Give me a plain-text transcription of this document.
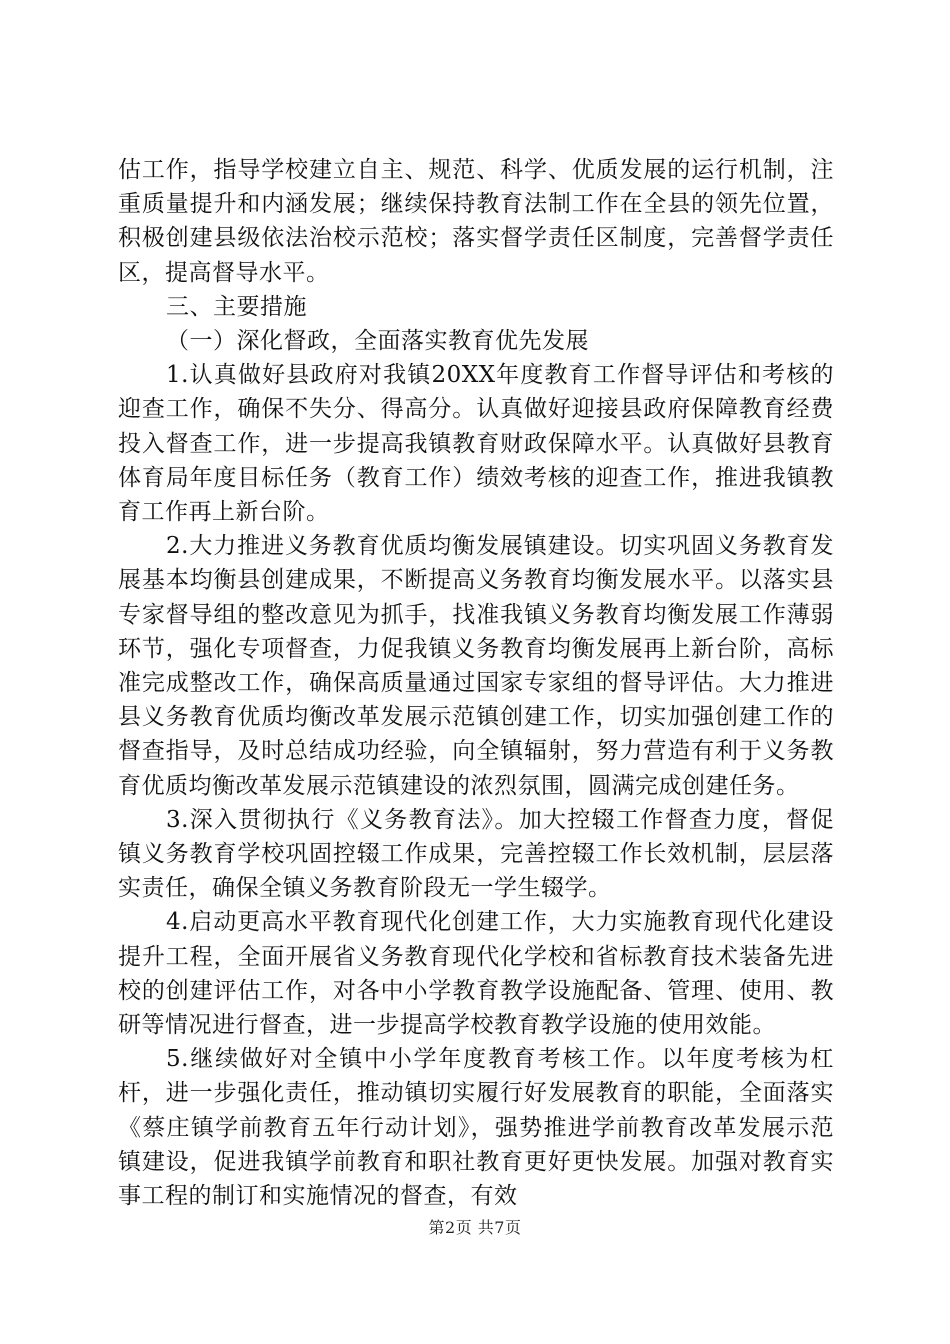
估工作，指导学校建立自主、规范、科学、优质发展的运行机制，注重质量提升和内涵发展；继续保持教育法制工作在全县的领先位置，积极创建县级依法治校示范校；落实督学责任区制度，完善督学责任区，提高督导水平。

三、主要措施

（一）深化督政，全面落实教育优先发展

1.认真做好县政府对我镇20XX年度教育工作督导评估和考核的迎查工作，确保不失分、得高分。认真做好迎接县政府保障教育经费投入督查工作，进一步提高我镇教育财政保障水平。认真做好县教育体育局年度目标任务（教育工作）绩效考核的迎查工作，推进我镇教育工作再上新台阶。

2.大力推进义务教育优质均衡发展镇建设。切实巩固义务教育发展基本均衡县创建成果，不断提高义务教育均衡发展水平。以落实县专家督导组的整改意见为抓手，找准我镇义务教育均衡发展工作薄弱环节，强化专项督查，力促我镇义务教育均衡发展再上新台阶，高标准完成整改工作，确保高质量通过国家专家组的督导评估。大力推进县义务教育优质均衡改革发展示范镇创建工作，切实加强创建工作的督查指导，及时总结成功经验，向全镇辐射，努力营造有利于义务教育优质均衡改革发展示范镇建设的浓烈氛围，圆满完成创建任务。

3.深入贯彻执行《义务教育法》。加大控辍工作督查力度，督促镇义务教育学校巩固控辍工作成果，完善控辍工作长效机制，层层落实责任，确保全镇义务教育阶段无一学生辍学。

4.启动更高水平教育现代化创建工作，大力实施教育现代化建设提升工程，全面开展省义务教育现代化学校和省标教育技术装备先进校的创建评估工作，对各中小学教育教学设施配备、管理、使用、教研等情况进行督查，进一步提高学校教育教学设施的使用效能。

5.继续做好对全镇中小学年度教育考核工作。以年度考核为杠杆，进一步强化责任，推动镇切实履行好发展教育的职能，全面落实《蔡庄镇学前教育五年行动计划》，强势推进学前教育改革发展示范镇建设，促进我镇学前教育和职社教育更好更快发展。加强对教育实事工程的制订和实施情况的督查，有效

第2页 共7页
